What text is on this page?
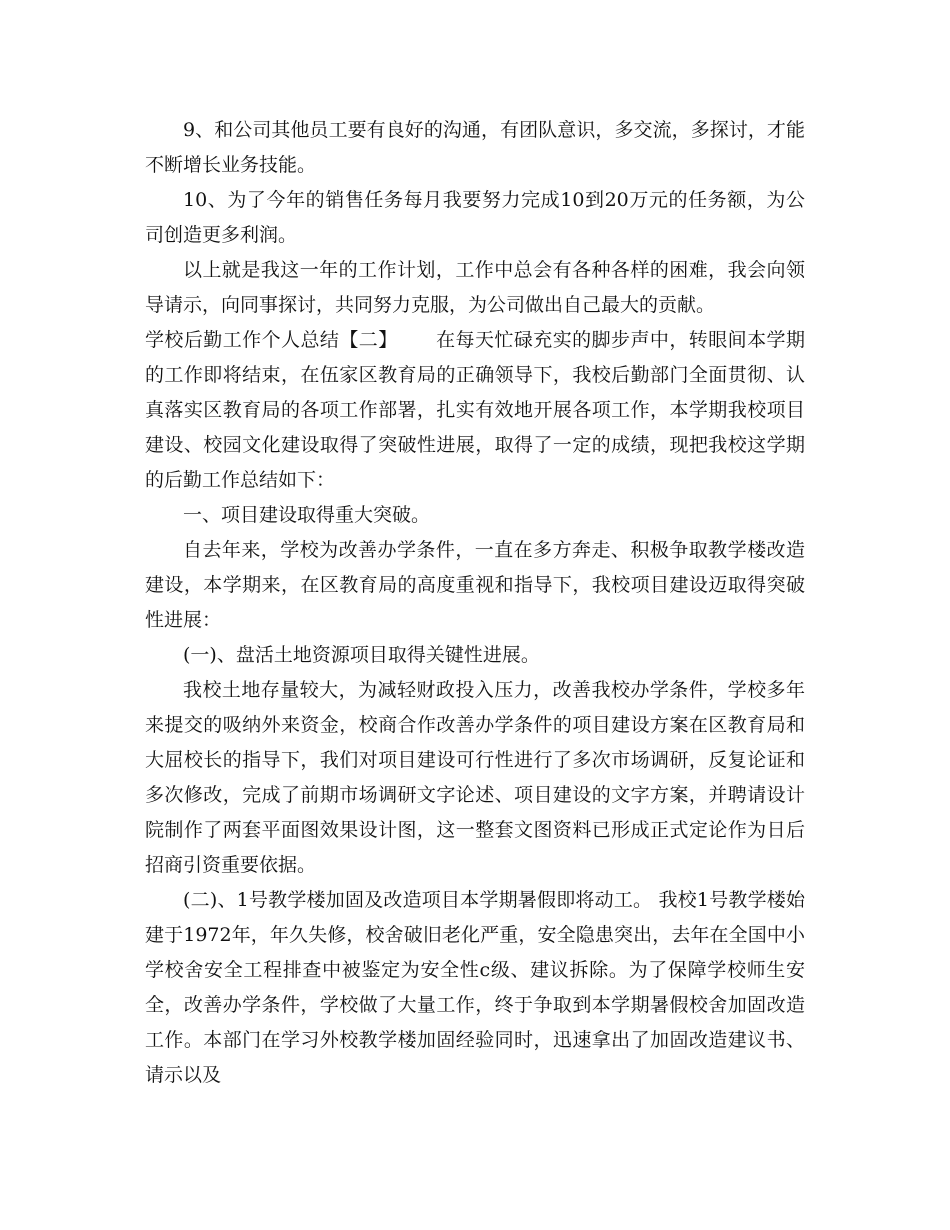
9、和公司其他员工要有良好的沟通，有团队意识，多交流，多探讨，才能不断增长业务技能。

10、为了今年的销售任务每月我要努力完成10到20万元的任务额，为公司创造更多利润。

以上就是我这一年的工作计划，工作中总会有各种各样的困难，我会向领导请示，向同事探讨，共同努力克服，为公司做出自己最大的贡献。

学校后勤工作个人总结【二】 在每天忙碌充实的脚步声中，转眼间本学期的工作即将结束，在伍家区教育局的正确领导下，我校后勤部门全面贯彻、认真落实区教育局的各项工作部署，扎实有效地开展各项工作，本学期我校项目建设、校园文化建设取得了突破性进展，取得了一定的成绩，现把我校这学期的后勤工作总结如下：

一、项目建设取得重大突破。

自去年来，学校为改善办学条件，一直在多方奔走、积极争取教学楼改造建设，本学期来，在区教育局的高度重视和指导下，我校项目建设迈取得突破性进展：

(一)、盘活土地资源项目取得关键性进展。

我校土地存量较大，为减轻财政投入压力，改善我校办学条件，学校多年来提交的吸纳外来资金，校商合作改善办学条件的项目建设方案在区教育局和大屈校长的指导下，我们对项目建设可行性进行了多次市场调研，反复论证和多次修改，完成了前期市场调研文字论述、项目建设的文字方案，并聘请设计院制作了两套平面图效果设计图，这一整套文图资料已形成正式定论作为日后招商引资重要依据。

(二)、1号教学楼加固及改造项目本学期暑假即将动工。 我校1号教学楼始建于1972年，年久失修，校舍破旧老化严重，安全隐患突出，去年在全国中小学校舍安全工程排查中被鉴定为安全性c级、建议拆除。为了保障学校师生安全，改善办学条件，学校做了大量工作，终于争取到本学期暑假校舍加固改造工作。本部门在学习外校教学楼加固经验同时，迅速拿出了加固改造建议书、请示以及
